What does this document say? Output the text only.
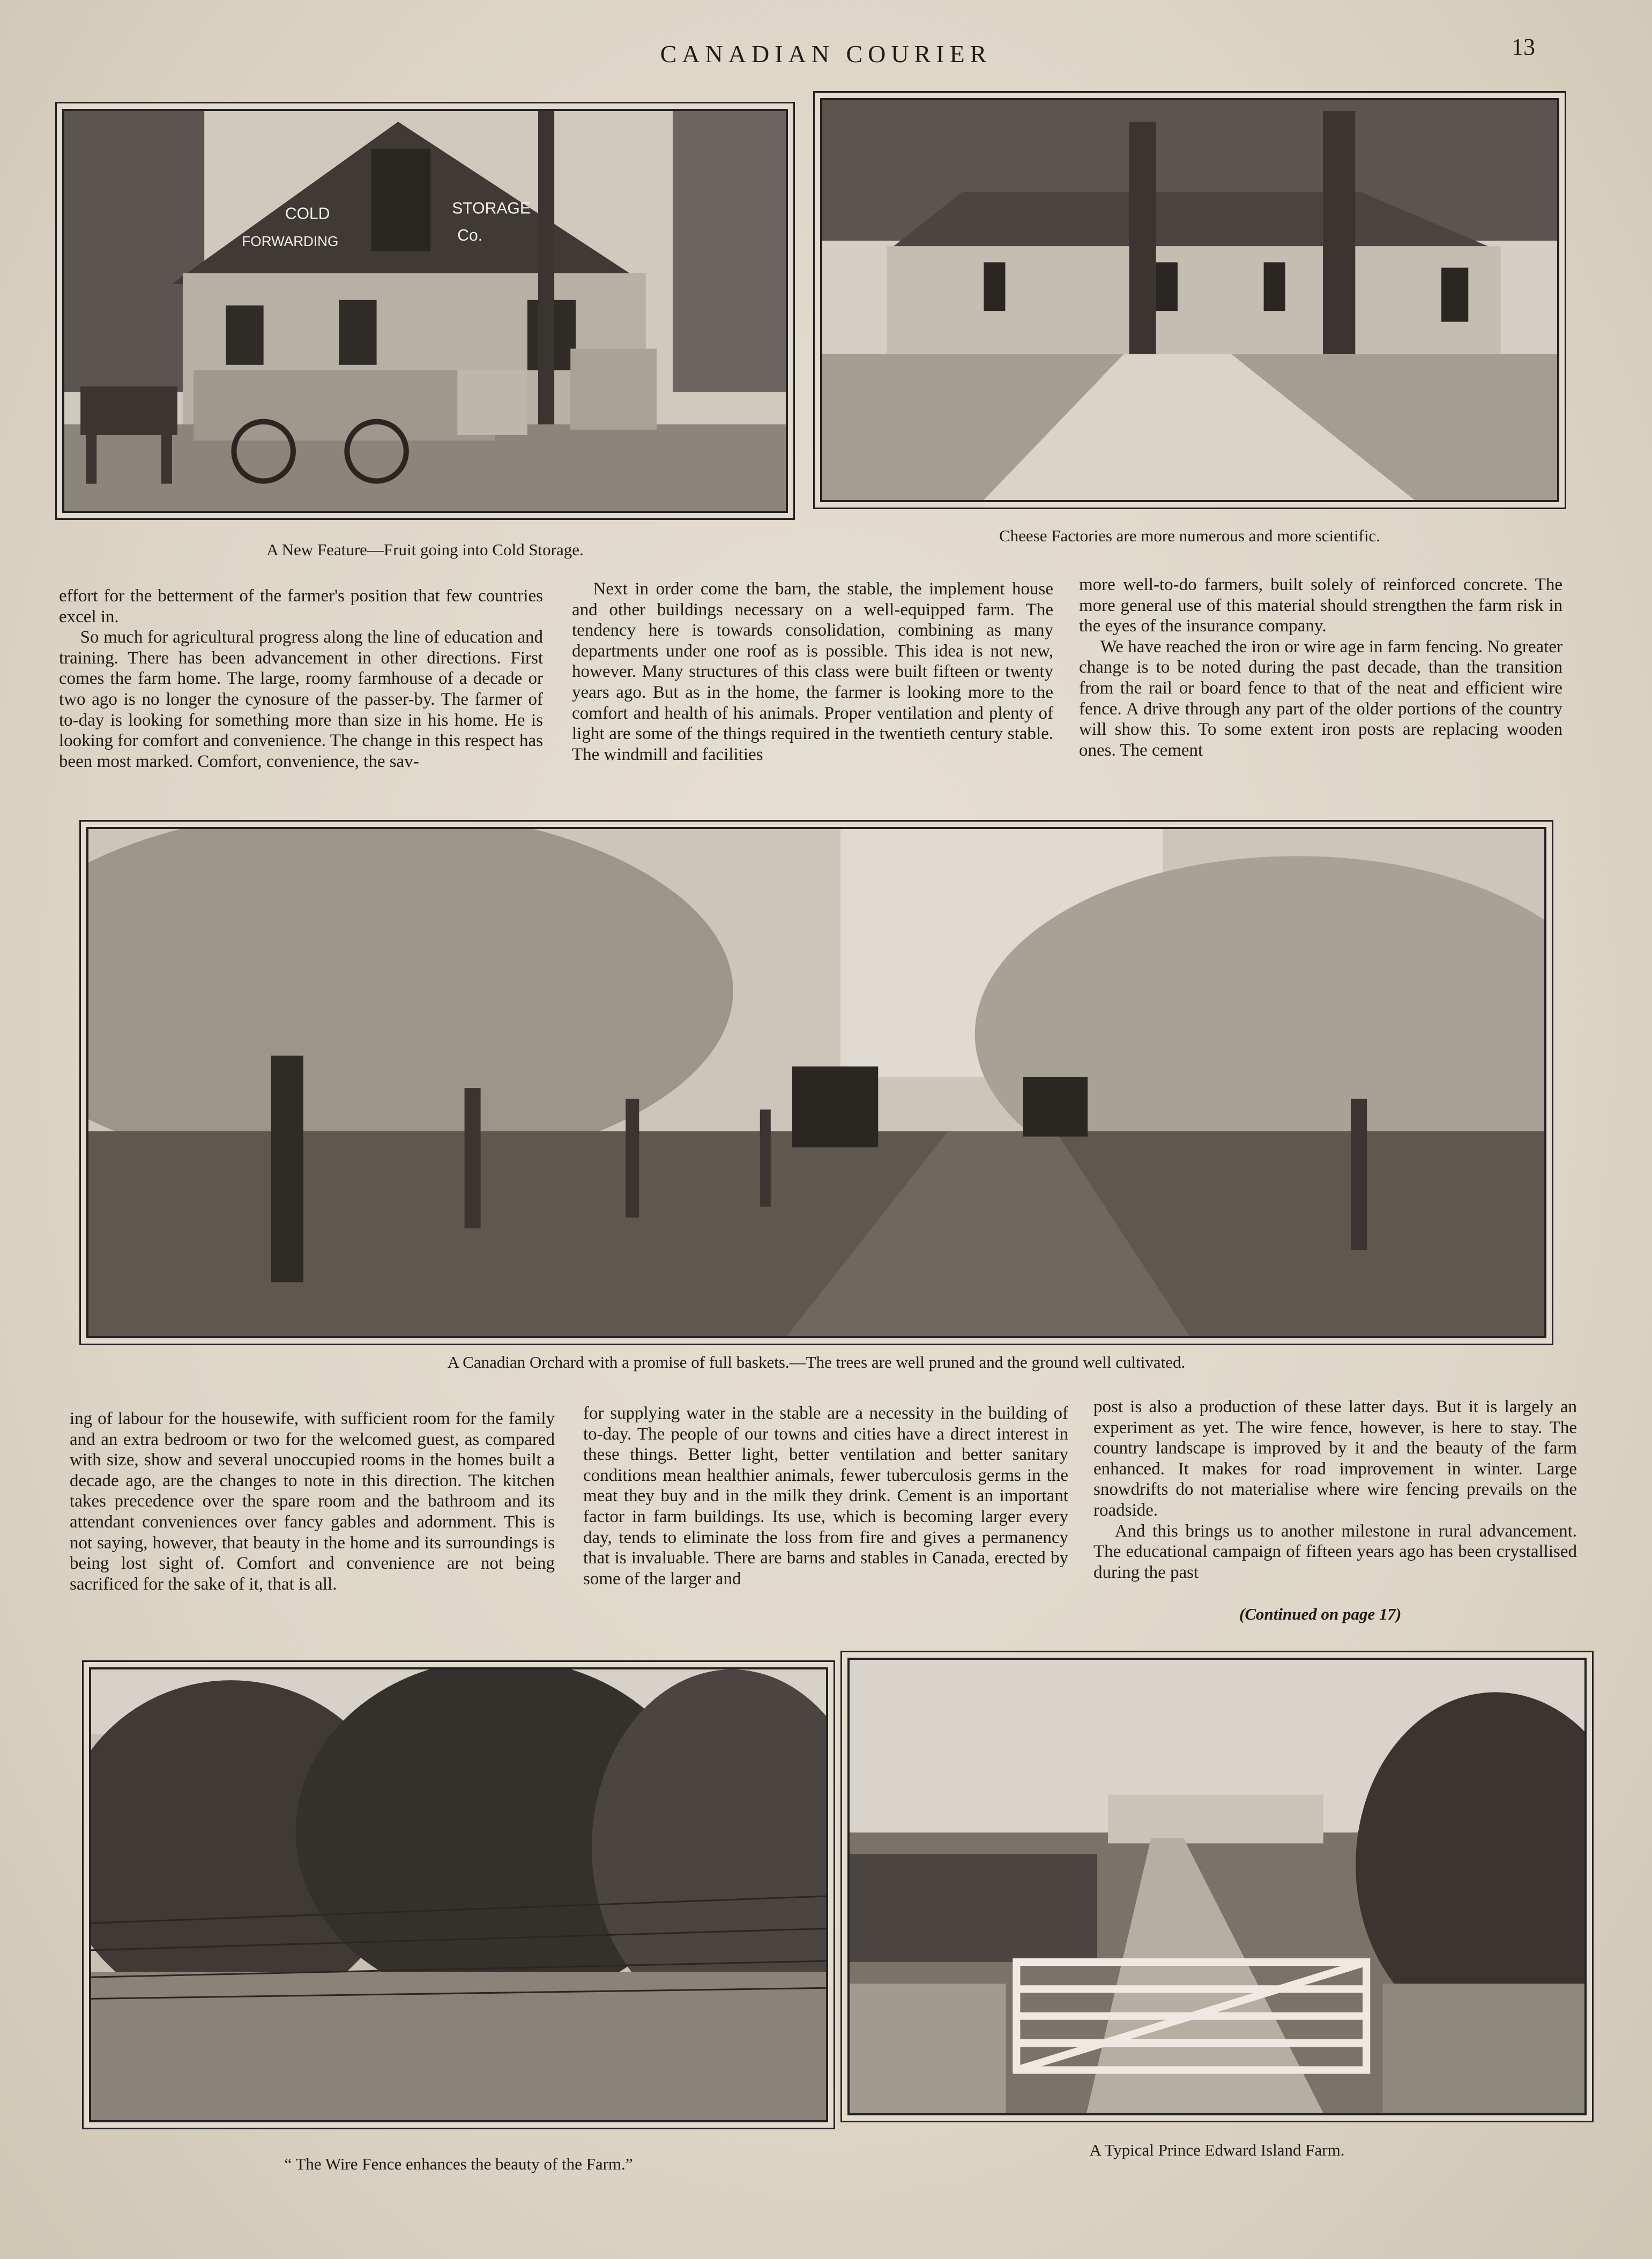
CANADIAN COURIER	13
COLD	STORAGE
FORWARDING	Co.
A New Feature—Fruit going into Cold Storage.
Cheese Factories are more numerous and more scientific.

effort for the betterment of the farmer's position that few countries excel in.

So much for agricultural progress along the line of education and training. There has been advancement in other directions. First comes the farm home. The large, roomy farmhouse of a decade or two ago is no longer the cynosure of the passer-by. The farmer of to-day is looking for something more than size in his home. He is looking for comfort and convenience. The change in this respect has been most marked. Comfort, convenience, the sav-

Next in order come the barn, the stable, the implement house and other buildings necessary on a well-equipped farm. The tendency here is towards consolidation, combining as many departments under one roof as is possible. This idea is not new, however. Many structures of this class were built fifteen or twenty years ago. But as in the home, the farmer is looking more to the comfort and health of his animals. Proper ventilation and plenty of light are some of the things required in the twentieth century stable. The windmill and facilities

more well-to-do farmers, built solely of reinforced concrete. The more general use of this material should strengthen the farm risk in the eyes of the insurance company.

We have reached the iron or wire age in farm fencing. No greater change is to be noted during the past decade, than the transition from the rail or board fence to that of the neat and efficient wire fence. A drive through any part of the older portions of the country will show this. To some extent iron posts are replacing wooden ones. The cement

A Canadian Orchard with a promise of full baskets.—The trees are well pruned and the ground well cultivated.

ing of labour for the housewife, with sufficient room for the family and an extra bedroom or two for the welcomed guest, as compared with size, show and several unoccupied rooms in the homes built a decade ago, are the changes to note in this direction. The kitchen takes precedence over the spare room and the bathroom and its attendant conveniences over fancy gables and adornment. This is not saying, however, that beauty in the home and its surroundings is being lost sight of. Comfort and convenience are not being sacrificed for the sake of it, that is all.

for supplying water in the stable are a necessity in the building of to-day. The people of our towns and cities have a direct interest in these things. Better light, better ventilation and better sanitary conditions mean healthier animals, fewer tuberculosis germs in the meat they buy and in the milk they drink. Cement is an important factor in farm buildings. Its use, which is becoming larger every day, tends to eliminate the loss from fire and gives a permanency that is invaluable. There are barns and stables in Canada, erected by some of the larger and

post is also a production of these latter days. But it is largely an experiment as yet. The wire fence, however, is here to stay. The country landscape is improved by it and the beauty of the farm enhanced. It makes for road improvement in winter. Large snowdrifts do not materialise where wire fencing prevails on the roadside.

And this brings us to another milestone in rural advancement. The educational campaign of fifteen years ago has been crystallised during the past

(Continued on page 17)
“ The Wire Fence enhances the beauty of the Farm.”
A Typical Prince Edward Island Farm.
